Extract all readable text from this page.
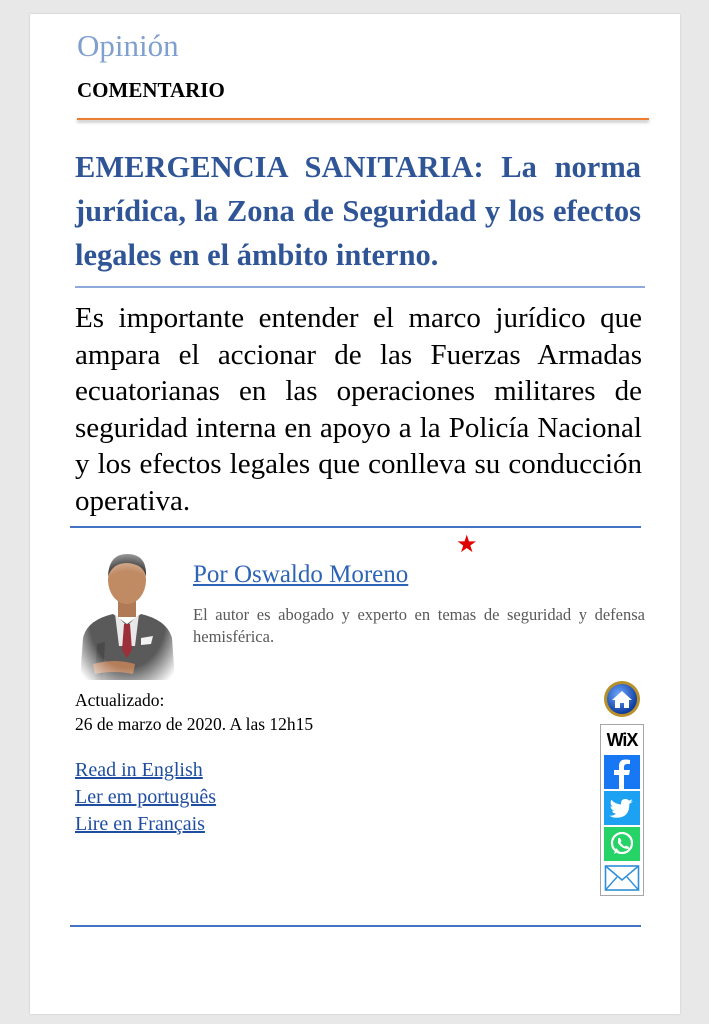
Opinión
COMENTARIO
EMERGENCIA SANITARIA: La norma jurídica, la Zona de Seguridad y los efectos legales en el ámbito interno.
Es importante entender el marco jurídico que ampara el accionar de las Fuerzas Armadas ecuatorianas en las operaciones militares de seguridad interna en apoyo a la Policía Nacional y los efectos legales que conlleva su conducción operativa.
★
Por Oswaldo Moreno
El autor es abogado y experto en temas de seguridad y defensa hemisférica.
Actualizado:
26 de marzo de 2020. A las 12h15
Read in English
Ler em português
Lire en Français
WiX
